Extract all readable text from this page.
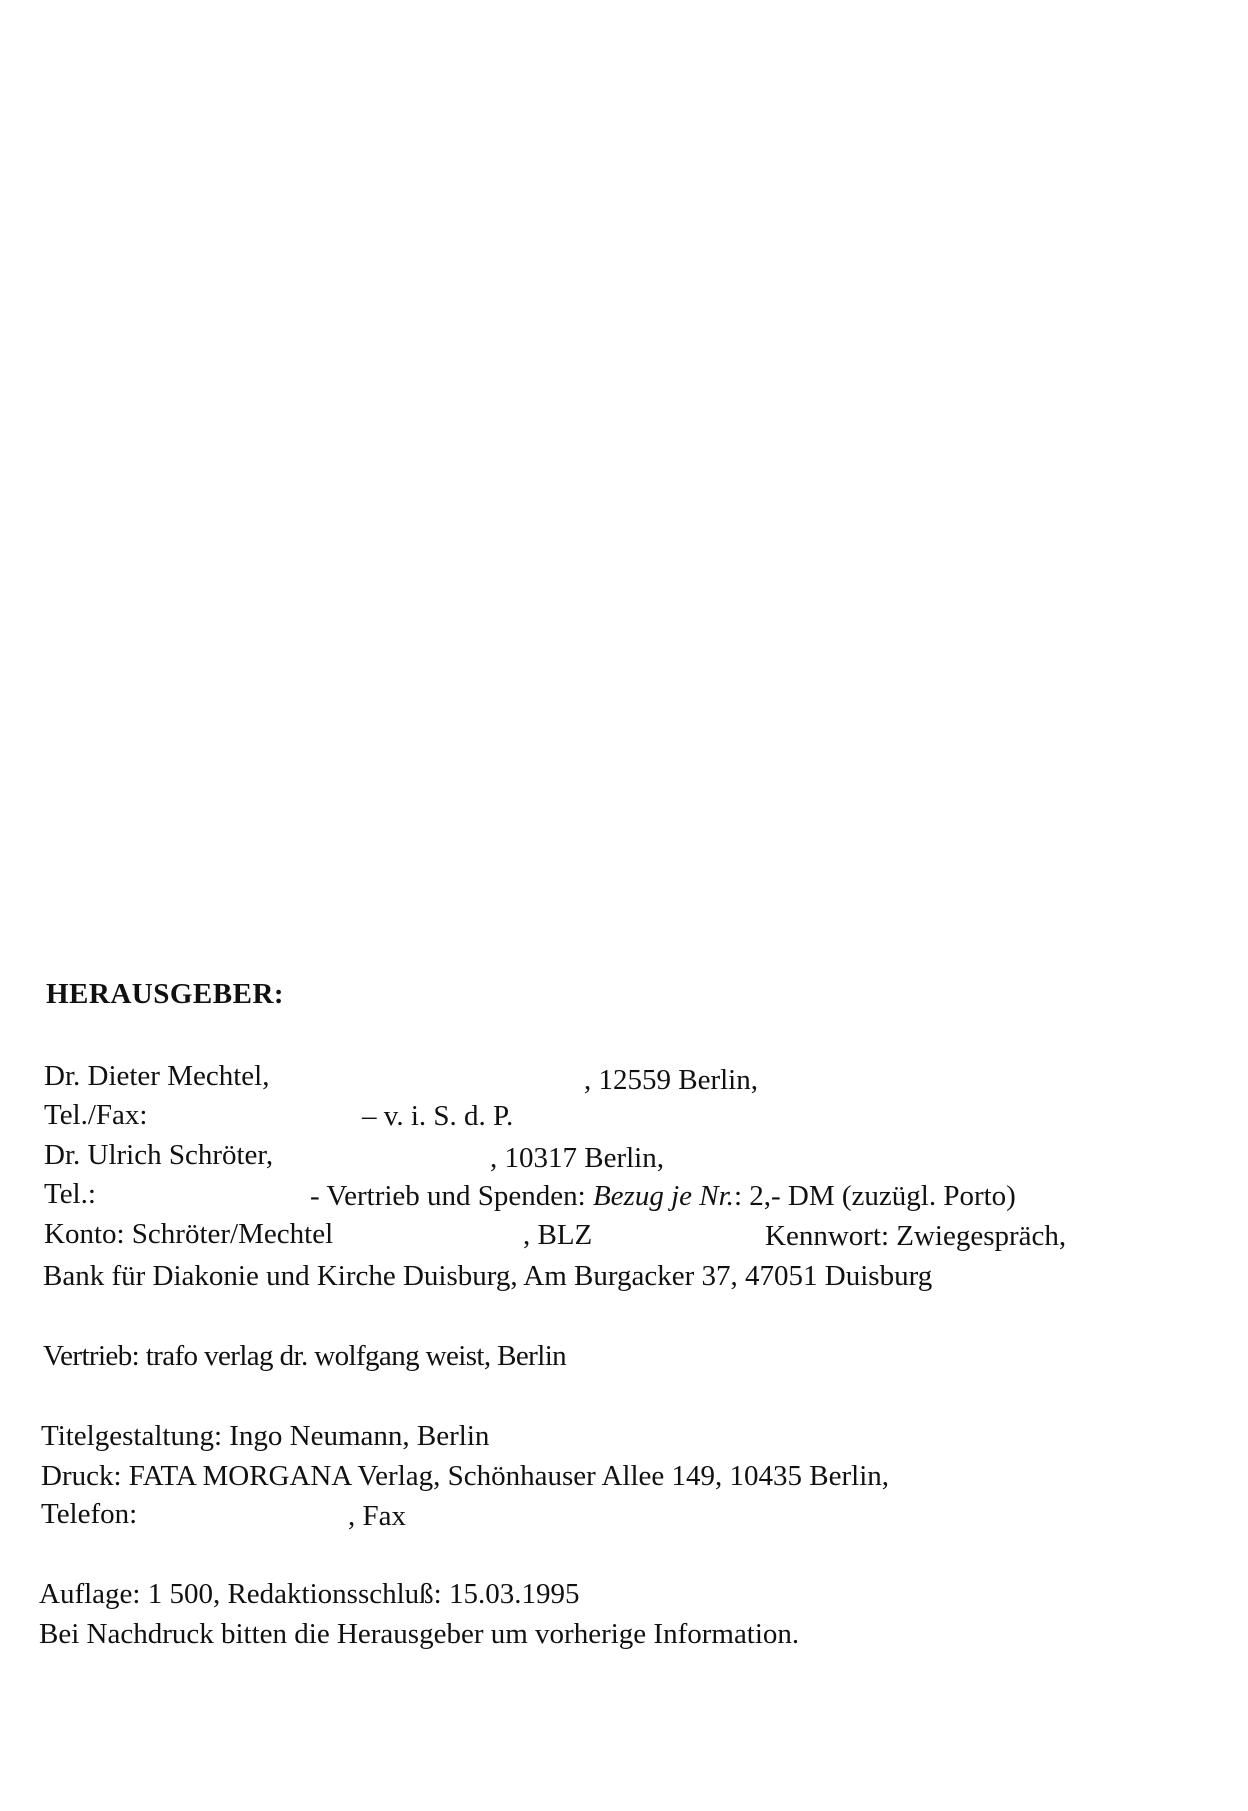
HERAUSGEBER:
Dr. Dieter Mechtel,	, 12559 Berlin,
Tel./Fax:	– v. i. S. d. P.
Dr. Ulrich Schröter,	, 10317 Berlin,
Tel.:	- Vertrieb und Spenden: Bezug je Nr.: 2,- DM (zuzügl. Porto)
Konto: Schröter/Mechtel	, BLZ	Kennwort: Zwiegespräch,
Bank für Diakonie und Kirche Duisburg, Am Burgacker 37, 47051 Duisburg
Vertrieb: trafo verlag dr. wolfgang weist, Berlin
Titelgestaltung: Ingo Neumann, Berlin
Druck: FATA MORGANA Verlag, Schönhauser Allee 149, 10435 Berlin,
Telefon:	, Fax
Auflage: 1 500, Redaktionsschluß: 15.03.1995
Bei Nachdruck bitten die Herausgeber um vorherige Information.
